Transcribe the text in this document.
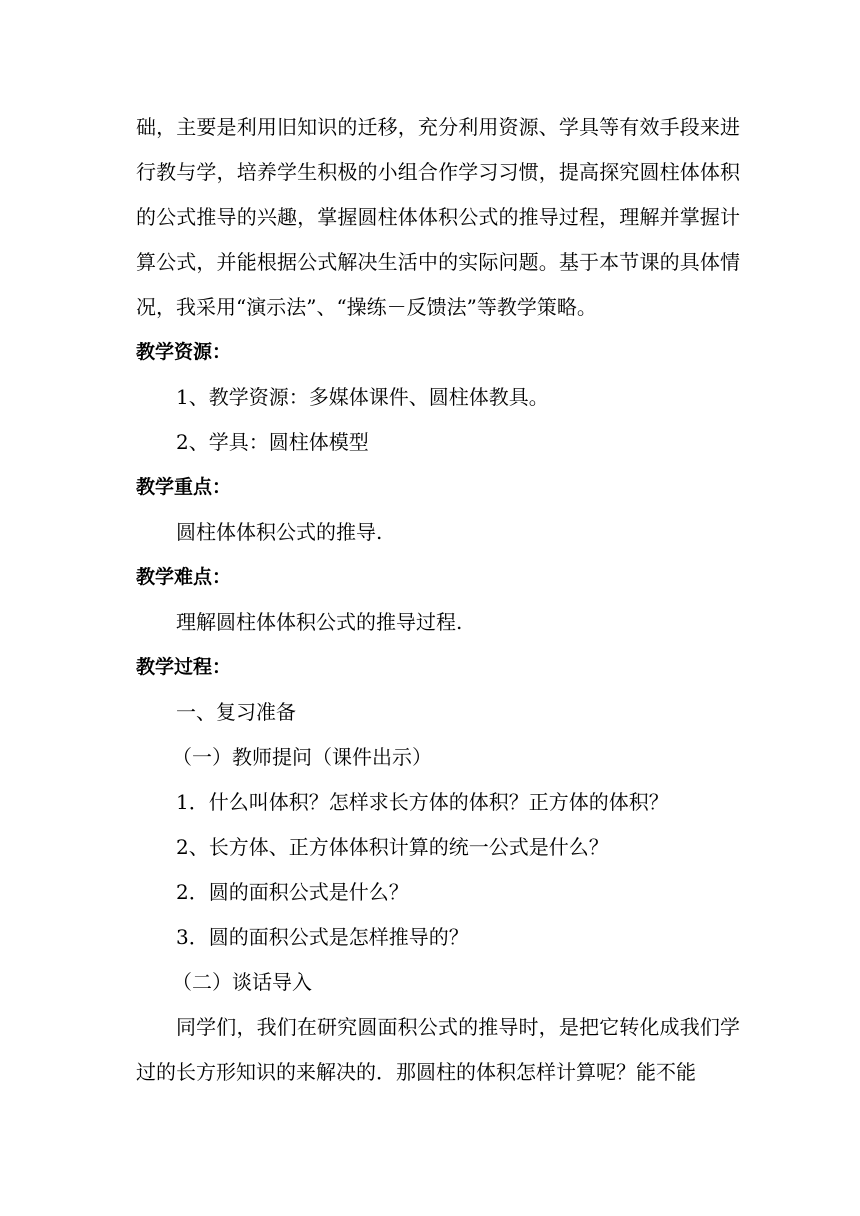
础，主要是利用旧知识的迁移，充分利用资源、学具等有效手段来进行教与学，培养学生积极的小组合作学习习惯，提高探究圆柱体体积的公式推导的兴趣，掌握圆柱体体积公式的推导过程，理解并掌握计算公式，并能根据公式解决生活中的实际问题。基于本节课的具体情况，我采用“演示法”、“操练－反馈法”等教学策略。

教学资源：

1、教学资源：多媒体课件、圆柱体教具。

2、学具：圆柱体模型

教学重点：

圆柱体体积公式的推导.

教学难点：

理解圆柱体体积公式的推导过程.

教学过程：

一、复习准备

（一）教师提问（课件出示）

1．什么叫体积？怎样求长方体的体积？正方体的体积？

2、长方体、正方体体积计算的统一公式是什么？

2．圆的面积公式是什么？

3．圆的面积公式是怎样推导的？

（二）谈话导入

同学们，我们在研究圆面积公式的推导时，是把它转化成我们学过的长方形知识的来解决的．那圆柱的体积怎样计算呢？能不能
